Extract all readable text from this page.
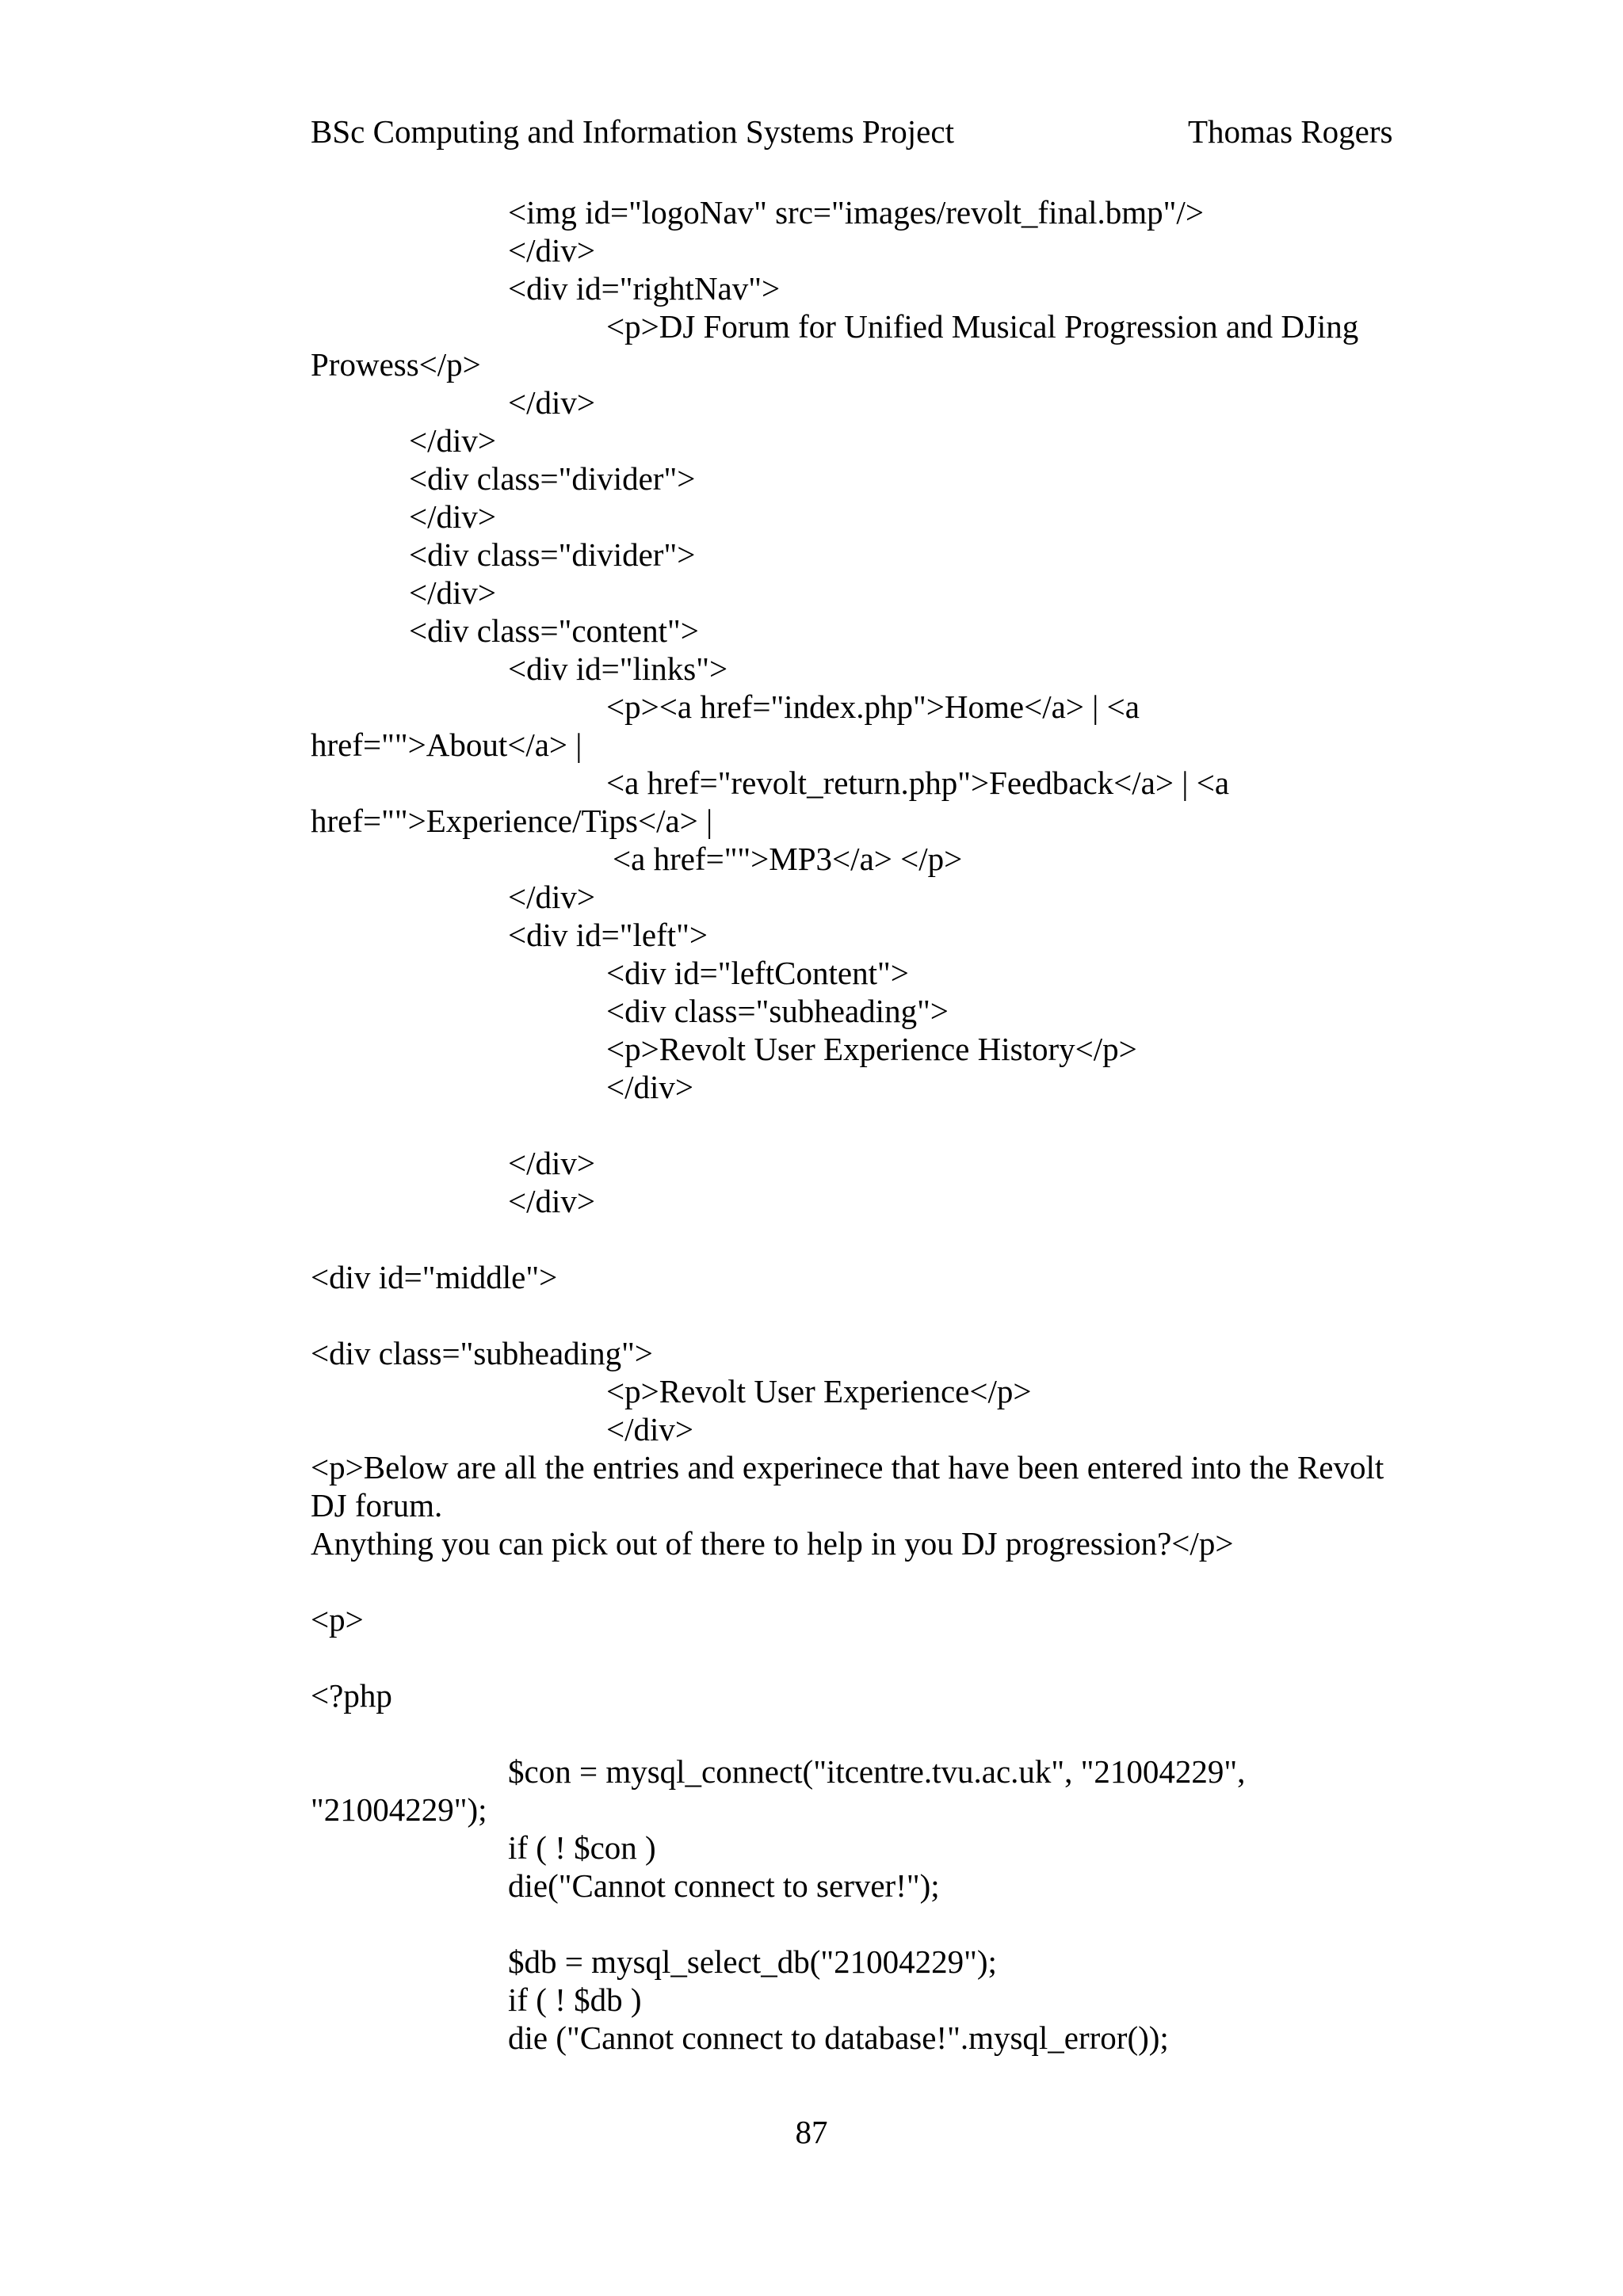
BSc Computing and Information Systems Project	Thomas Rogers
<img id="logoNav" src="images/revolt_final.bmp"/>
</div>
<div id="rightNav">
<p>DJ Forum for Unified Musical Progression and DJing
Prowess</p>
</div>
</div>
<div class="divider">
</div>
<div class="divider">
</div>
<div class="content">
<div id="links">
<p><a href="index.php">Home</a> | <a
href="">About</a> |
<a href="revolt_return.php">Feedback</a> | <a
href="">Experience/Tips</a> |
<a href="">MP3</a> </p>
</div>
<div id="left">
<div id="leftContent">
<div class="subheading">
<p>Revolt User Experience History</p>
</div>
</div>
</div>
<div id="middle">
<div class="subheading">
<p>Revolt User Experience</p>
</div>
<p>Below are all the entries and experinece that have been entered into the Revolt
DJ forum.
Anything you can pick out of there to help in you DJ progression?</p>
<p>
<?php
$con = mysql_connect("itcentre.tvu.ac.uk", "21004229",
"21004229");
if ( ! $con )
die("Cannot connect to server!");
$db = mysql_select_db("21004229");
if ( ! $db )
die ("Cannot connect to database!".mysql_error());
87
